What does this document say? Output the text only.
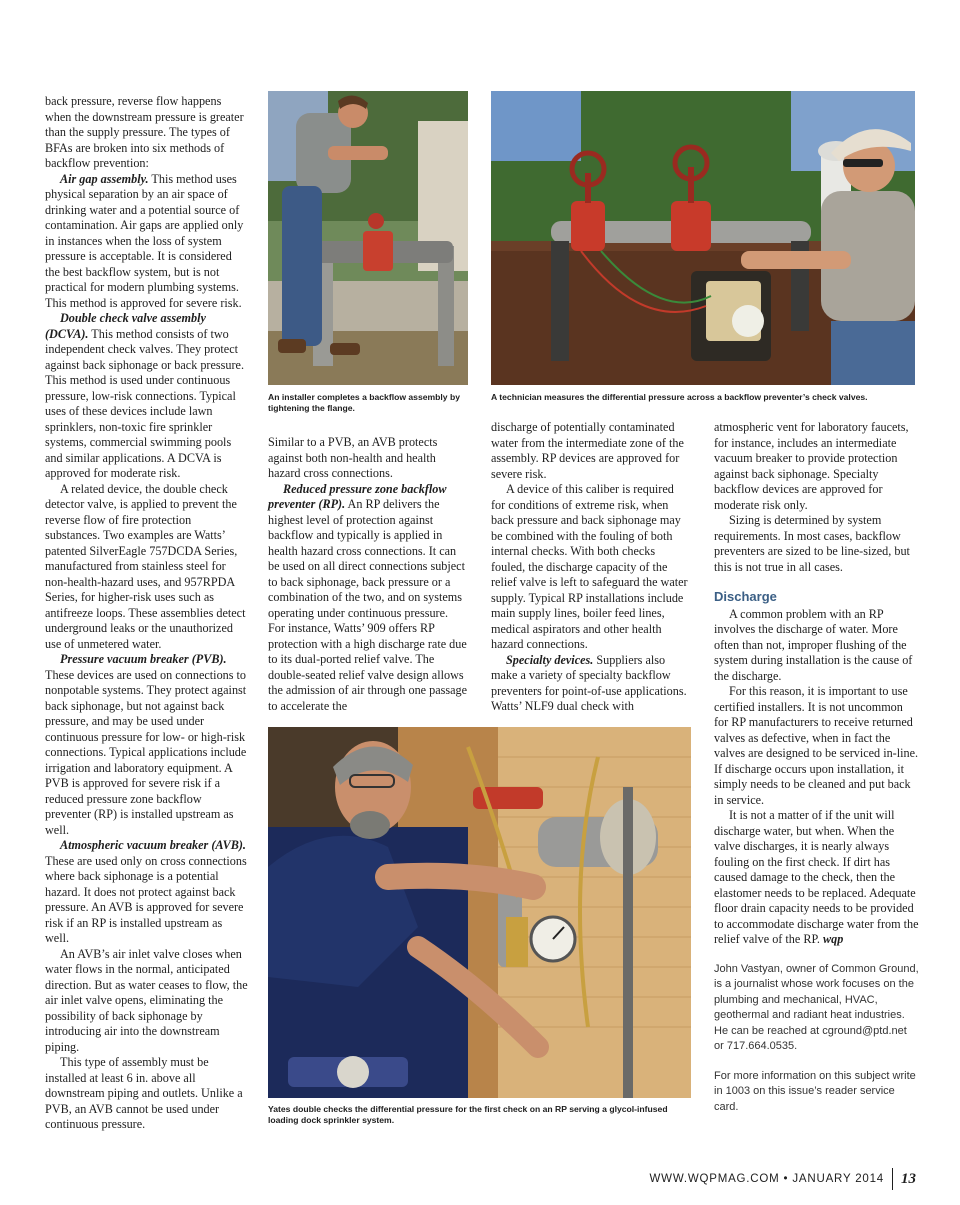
back pressure, reverse flow happens when the downstream pressure is greater than the supply pressure. The types of BFAs are broken into six methods of backflow prevention:

Air gap assembly. This method uses physical separation by an air space of drinking water and a potential source of contamination. Air gaps are applied only in instances when the loss of system pressure is acceptable. It is considered the best backflow system, but is not practical for modern plumbing systems. This method is approved for severe risk.

Double check valve assembly (DCVA). This method consists of two independent check valves. They protect against back siphonage or back pressure. This method is used under continuous pressure, low-risk connections. Typical uses of these devices include lawn sprinklers, non-toxic fire sprinkler systems, commercial swimming pools and similar applications. A DCVA is approved for moderate risk.

A related device, the double check detector valve, is applied to prevent the reverse flow of fire protection substances. Two examples are Watts’ patented SilverEagle 757DCDA Series, manufactured from stainless steel for non-health-hazard uses, and 957RPDA Series, for higher-risk uses such as antifreeze loops. These assemblies detect underground leaks or the unauthorized use of unmetered water.

Pressure vacuum breaker (PVB). These devices are used on connections to nonpotable systems. They protect against back siphonage, but not against back pressure, and may be used under continuous pressure for low- or high-risk connections. Typical applications include irrigation and laboratory equipment. A PVB is approved for severe risk if a reduced pressure zone backflow preventer (RP) is installed upstream as well.

Atmospheric vacuum breaker (AVB). These are used only on cross connections where back siphonage is a potential hazard. It does not protect against back pressure. An AVB is approved for severe risk if an RP is installed upstream as well.

An AVB’s air inlet valve closes when water flows in the normal, anticipated direction. But as water ceases to flow, the air inlet valve opens, eliminating the possibility of back siphonage by introducing air into the downstream piping.

This type of assembly must be installed at least 6 in. above all downstream piping and outlets. Unlike a PVB, an AVB cannot be used under continuous pressure.

An installer completes a backflow assembly by tightening the flange.
A technician measures the differential pressure across a backflow preventer’s check valves.

Similar to a PVB, an AVB protects against both non-health and health hazard cross connections.

Reduced pressure zone backflow preventer (RP). An RP delivers the highest level of protection against backflow and typically is applied in health hazard cross connections. It can be used on all direct connections subject to back siphonage, back pressure or a combination of the two, and on systems operating under continuous pressure. For instance, Watts’ 909 offers RP protection with a high discharge rate due to its dual-ported relief valve. The double-seated relief valve design allows the admission of air through one passage to accelerate the

discharge of potentially contaminated water from the intermediate zone of the assembly. RP devices are approved for severe risk.

A device of this caliber is required for conditions of extreme risk, when back pressure and back siphonage may be combined with the fouling of both internal checks. With both checks fouled, the discharge capacity of the relief valve is left to safeguard the water supply. Typical RP installations include main supply lines, boiler feed lines, medical aspirators and other health hazard connections.

Specialty devices. Suppliers also make a variety of specialty backflow preventers for point-of-use applications. Watts’ NLF9 dual check with

Yates double checks the differential pressure for the first check on an RP serving a glycol-infused loading dock sprinkler system.

atmospheric vent for laboratory faucets, for instance, includes an intermediate vacuum breaker to provide protection against back siphonage. Specialty backflow devices are approved for moderate risk only.

Sizing is determined by system requirements. In most cases, backflow preventers are sized to be line-sized, but this is not true in all cases.

Discharge

A common problem with an RP involves the discharge of water. More often than not, improper flushing of the system during installation is the cause of the discharge.

For this reason, it is important to use certified installers. It is not uncommon for RP manufacturers to receive returned valves as defective, when in fact the valves are designed to be serviced in-line. If discharge occurs upon installation, it simply needs to be cleaned and put back in service.

It is not a matter of if the unit will discharge water, but when. When the valve discharges, it is nearly always fouling on the first check. If dirt has caused damage to the check, then the elastomer needs to be replaced. Adequate floor drain capacity needs to be provided to accommodate discharge water from the relief valve of the RP. wqp

John Vastyan, owner of Common Ground, is a journalist whose work focuses on the plumbing and mechanical, HVAC, geothermal and radiant heat industries. He can be reached at cground@ptd.net or 717.664.0535.
For more information on this subject write in 1003 on this issue’s reader service card.
WWW.WQPMAG.COM • JANUARY 2014 13
